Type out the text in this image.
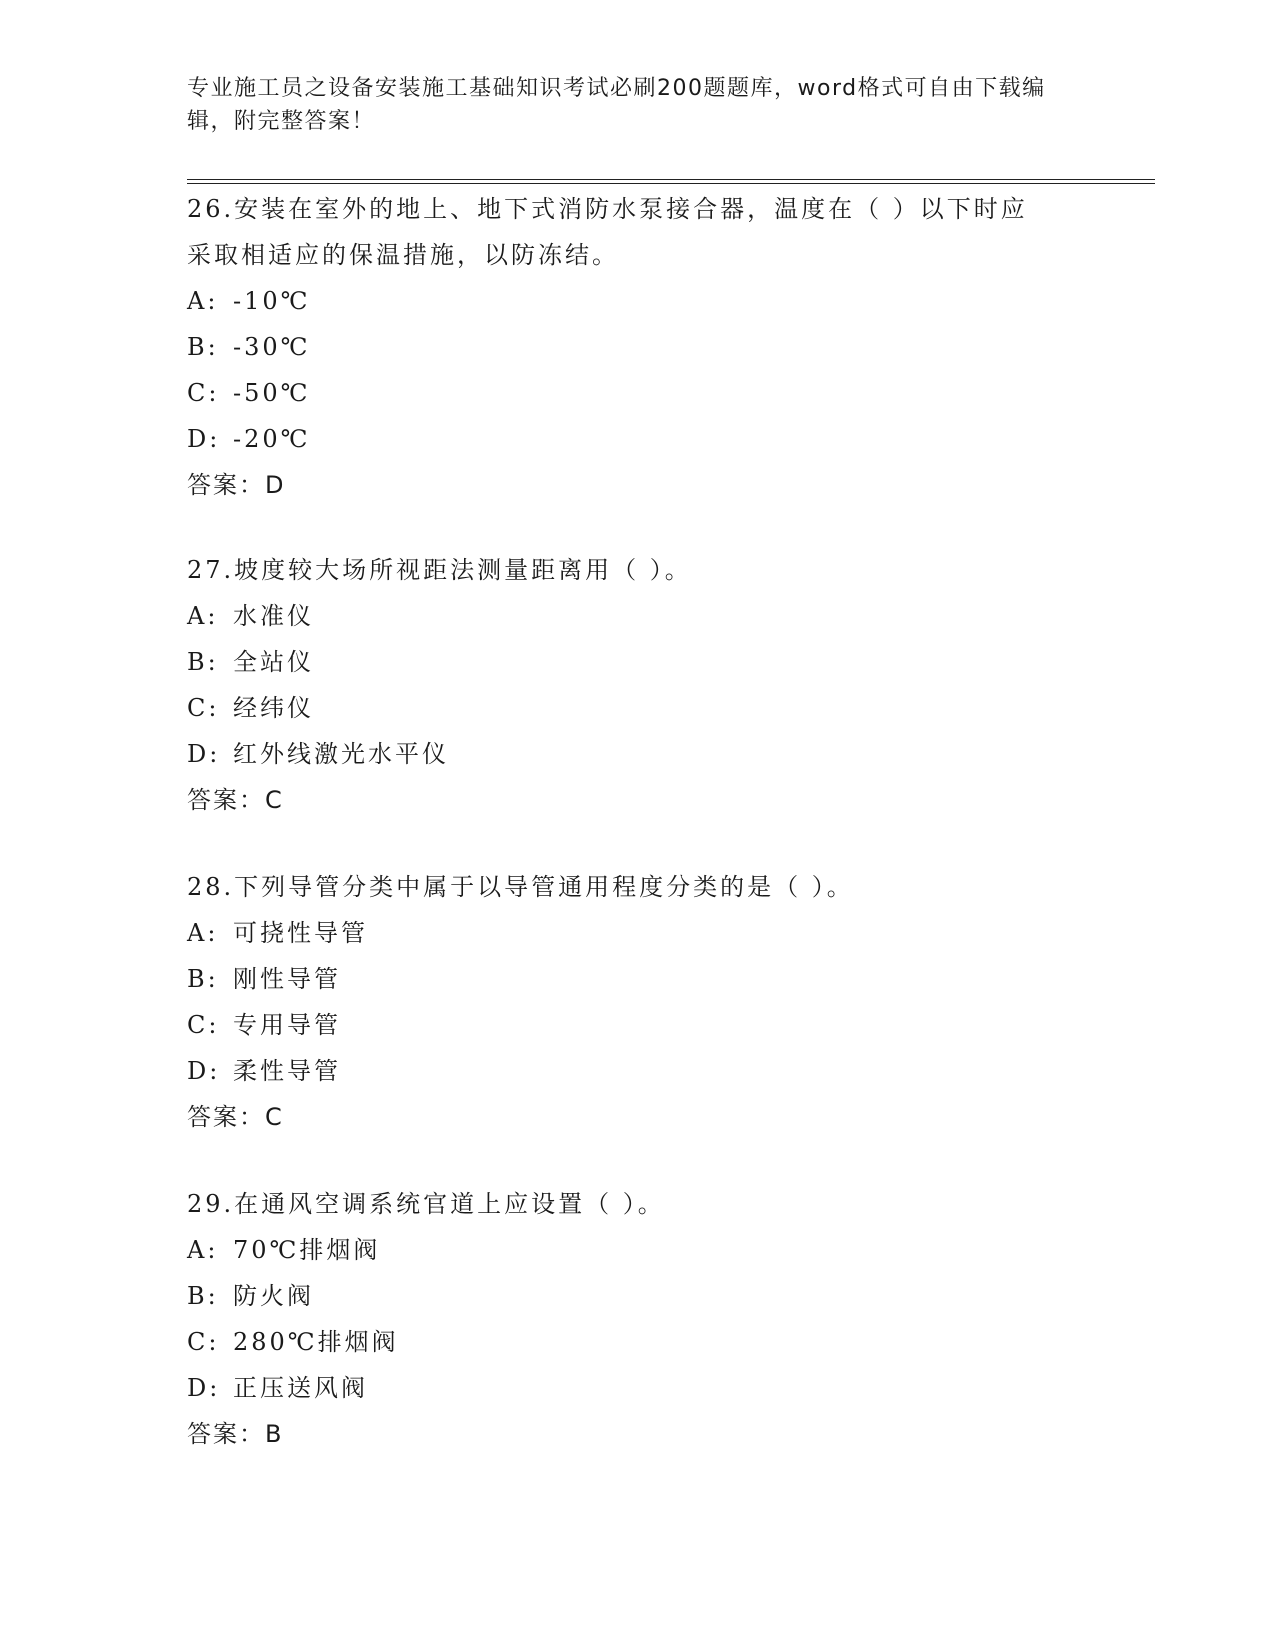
专业施工员之设备安装施工基础知识考试必刷200题题库，word格式可自由下载编辑，附完整答案！

26.安装在室外的地上、地下式消防水泵接合器，温度在（ ）以下时应采取相适应的保温措施，以防冻结。

A: -10℃

B: -30℃

C: -50℃

D: -20℃

答案：D

27.坡度较大场所视距法测量距离用（ ）。

A: 水准仪

B: 全站仪

C: 经纬仪

D: 红外线激光水平仪

答案：C

28.下列导管分类中属于以导管通用程度分类的是（ ）。

A: 可挠性导管

B: 刚性导管

C: 专用导管

D: 柔性导管

答案：C

29.在通风空调系统官道上应设置（ ）。

A: 70℃排烟阀

B: 防火阀

C: 280℃排烟阀

D: 正压送风阀

答案：B
